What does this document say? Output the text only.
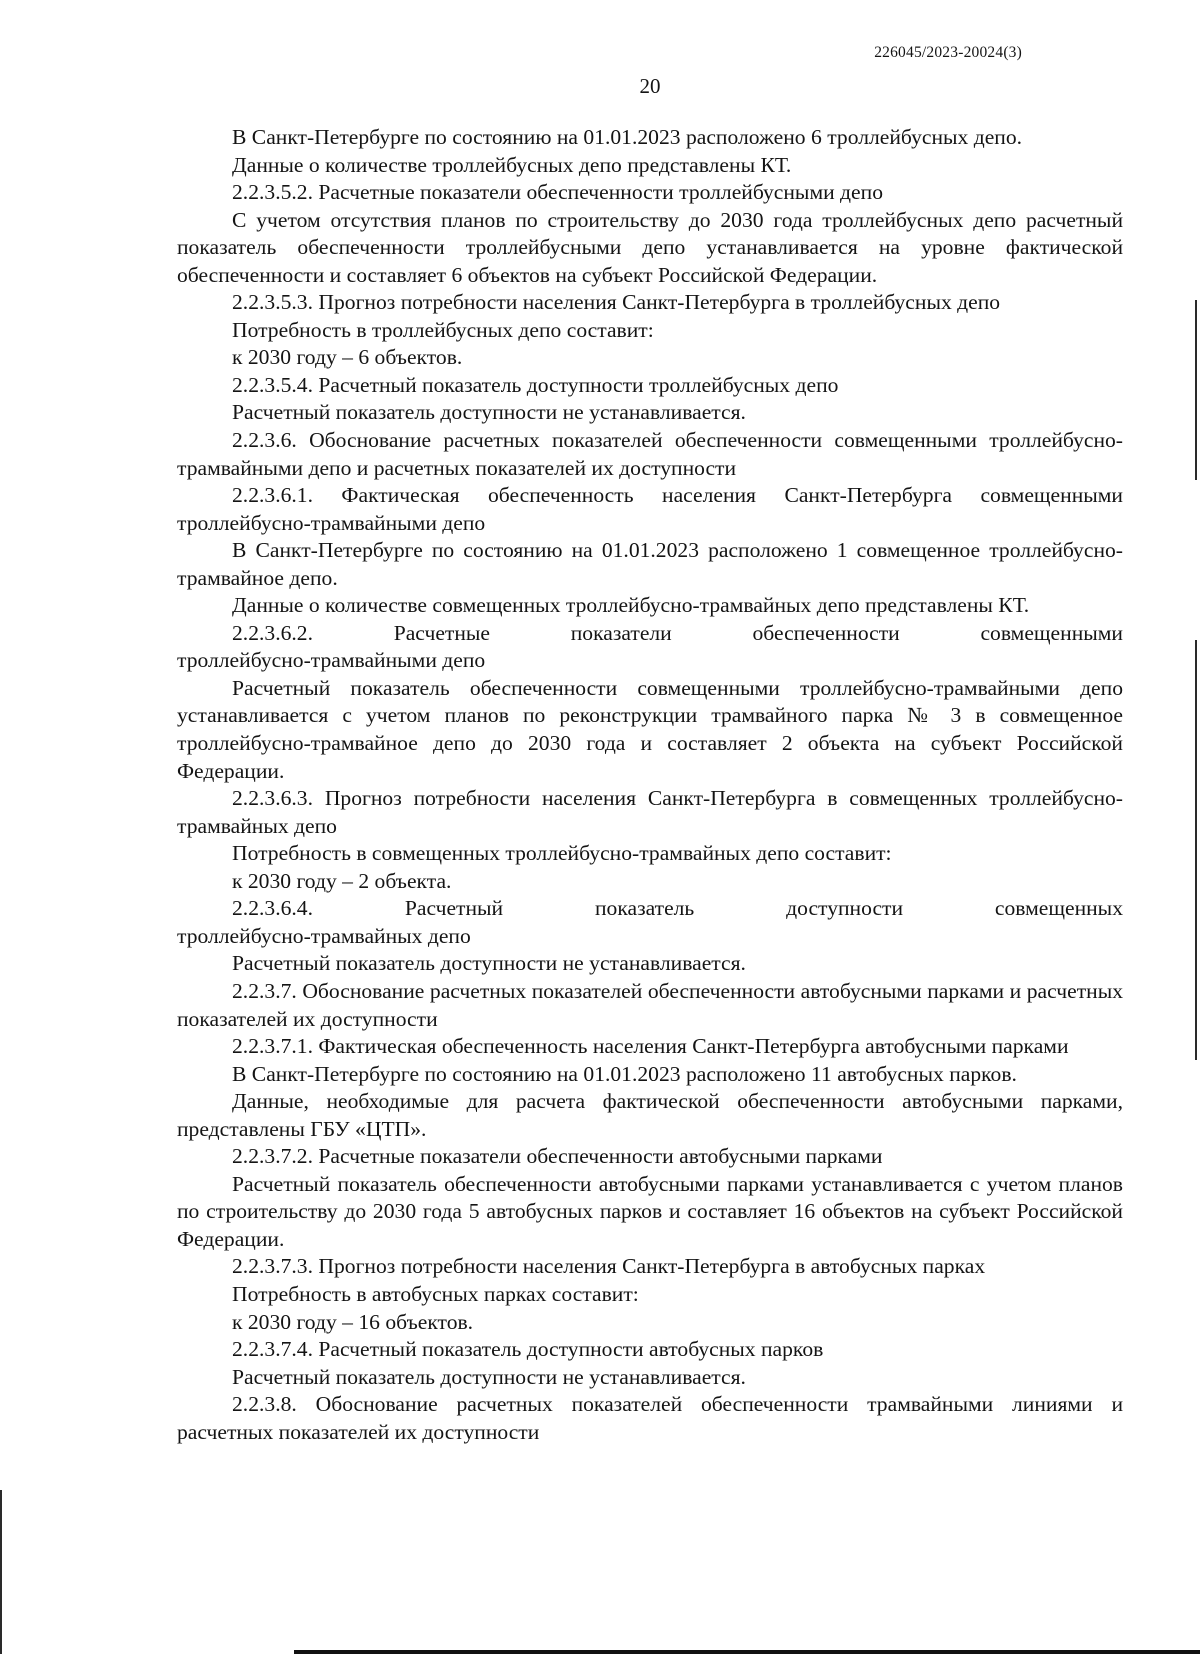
226045/2023-20024(3)
20

В Санкт-Петербурге по состоянию на 01.01.2023 расположено 6 троллейбусных депо.

Данные о количестве троллейбусных депо представлены КТ.

2.2.3.5.2. Расчетные показатели обеспеченности троллейбусными депо

С учетом отсутствия планов по строительству до 2030 года троллейбусных депо расчетный показатель обеспеченности троллейбусными депо устанавливается на уровне фактической обеспеченности и составляет 6 объектов на субъект Российской Федерации.

2.2.3.5.3. Прогноз потребности населения Санкт-Петербурга в троллейбусных депо

Потребность в троллейбусных депо составит:

к 2030 году – 6 объектов.

2.2.3.5.4. Расчетный показатель доступности троллейбусных депо

Расчетный показатель доступности не устанавливается.

2.2.3.6. Обоснование расчетных показателей обеспеченности совмещенными троллейбусно-трамвайными депо и расчетных показателей их доступности

2.2.3.6.1. Фактическая обеспеченность населения Санкт-Петербурга совмещенными троллейбусно-трамвайными депо

В Санкт-Петербурге по состоянию на 01.01.2023 расположено 1 совмещенное троллейбусно-трамвайное депо.

Данные о количестве совмещенных троллейбусно-трамвайных депо представлены КТ.

2.2.3.6.2. Расчетные показатели обеспеченности совмещенными

троллейбусно-трамвайными депо

Расчетный показатель обеспеченности совмещенными троллейбусно-трамвайными депо устанавливается с учетом планов по реконструкции трамвайного парка № 3 в совмещенное троллейбусно-трамвайное депо до 2030 года и составляет 2 объекта на субъект Российской Федерации.

2.2.3.6.3. Прогноз потребности населения Санкт-Петербурга в совмещенных троллейбусно-трамвайных депо

Потребность в совмещенных троллейбусно-трамвайных депо составит:

к 2030 году – 2 объекта.

2.2.3.6.4. Расчетный показатель доступности совмещенных

троллейбусно-трамвайных депо

Расчетный показатель доступности не устанавливается.

2.2.3.7. Обоснование расчетных показателей обеспеченности автобусными парками и расчетных показателей их доступности

2.2.3.7.1. Фактическая обеспеченность населения Санкт-Петербурга автобусными парками

В Санкт-Петербурге по состоянию на 01.01.2023 расположено 11 автобусных парков.

Данные, необходимые для расчета фактической обеспеченности автобусными парками, представлены ГБУ «ЦТП».

2.2.3.7.2. Расчетные показатели обеспеченности автобусными парками

Расчетный показатель обеспеченности автобусными парками устанавливается с учетом планов по строительству до 2030 года 5 автобусных парков и составляет 16 объектов на субъект Российской Федерации.

2.2.3.7.3. Прогноз потребности населения Санкт-Петербурга в автобусных парках

Потребность в автобусных парках составит:

к 2030 году – 16 объектов.

2.2.3.7.4. Расчетный показатель доступности автобусных парков

Расчетный показатель доступности не устанавливается.

2.2.3.8. Обоснование расчетных показателей обеспеченности трамвайными линиями и расчетных показателей их доступности
